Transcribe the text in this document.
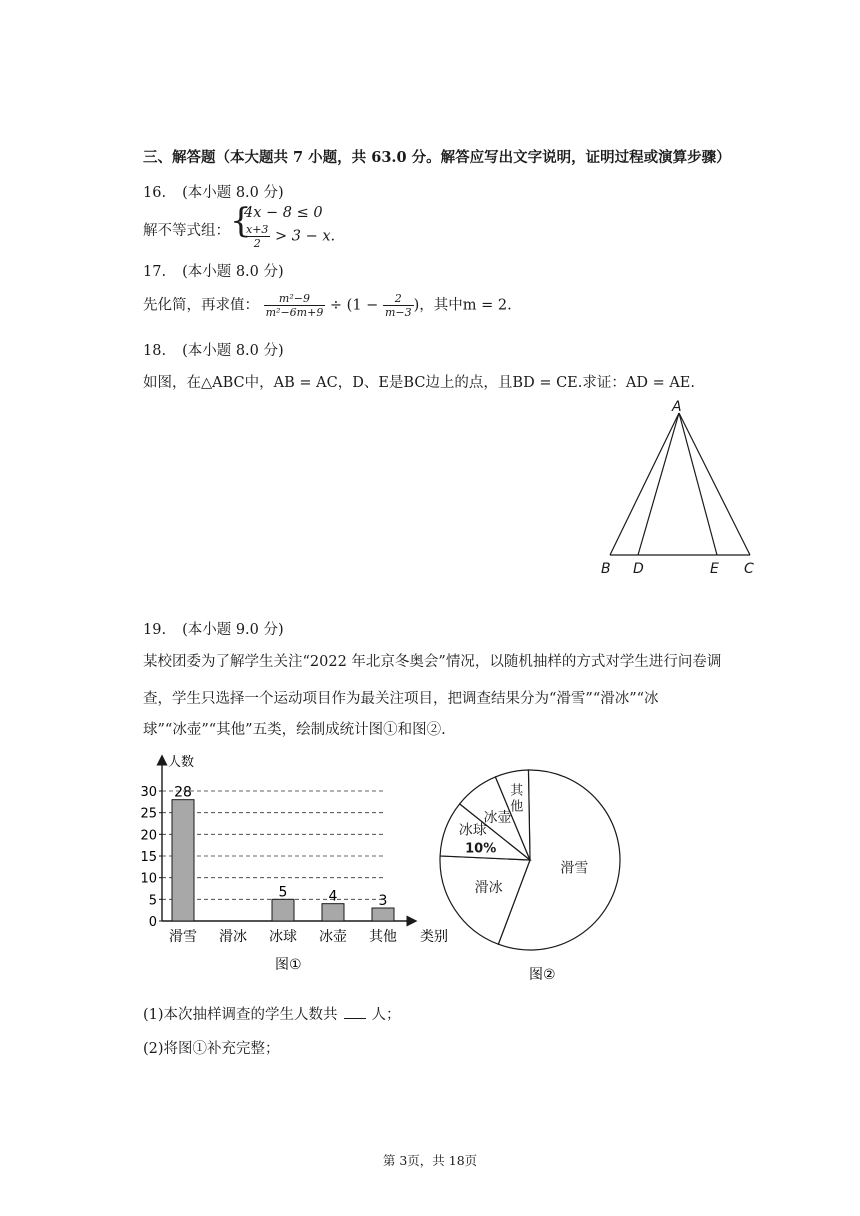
三、解答题（本大题共 7 小题，共 63.0 分。解答应写出文字说明，证明过程或演算步骤）
16. (本小题 8.0 分)
解不等式组： {
4x − 8 ≤ 0
$\frac{x+3}{2} > 3 - x$.
17. (本小题 8.0 分)
先化简，再求值： $\frac{\text{m²−9}}{\text{m²−6m+9}} \div (1 - \frac{2}{m-3}$ )，其中m = 2.
18. (本小题 8.0 分)
如图，在△ABC中，AB = AC，D、E是BC边上的点，且BD = CE.求证：AD = AE.
A
B D	E C
19. (本小题 9.0 分)
某校团委为了解学生关注“2022 年北京冬奥会”情况，以随机抽样的方式对学生进行问卷调
查，学生只选择一个运动项目作为最关注项目，把调查结果分为“滑雪”“滑冰”“冰
球”“冰壶”“其他”五类，绘制成统计图①和图②.
0
5
10
15
20
25
30 28
5	4	3
滑雪 滑冰 冰球 冰壶 其他
人数
类别
图①
滑雪
滑冰
冰球
10%
冰壶
其
他
图②
(1)本次抽样调查的学生人数共 人；
(2)将图①补充完整；
第 3页，共 18页
